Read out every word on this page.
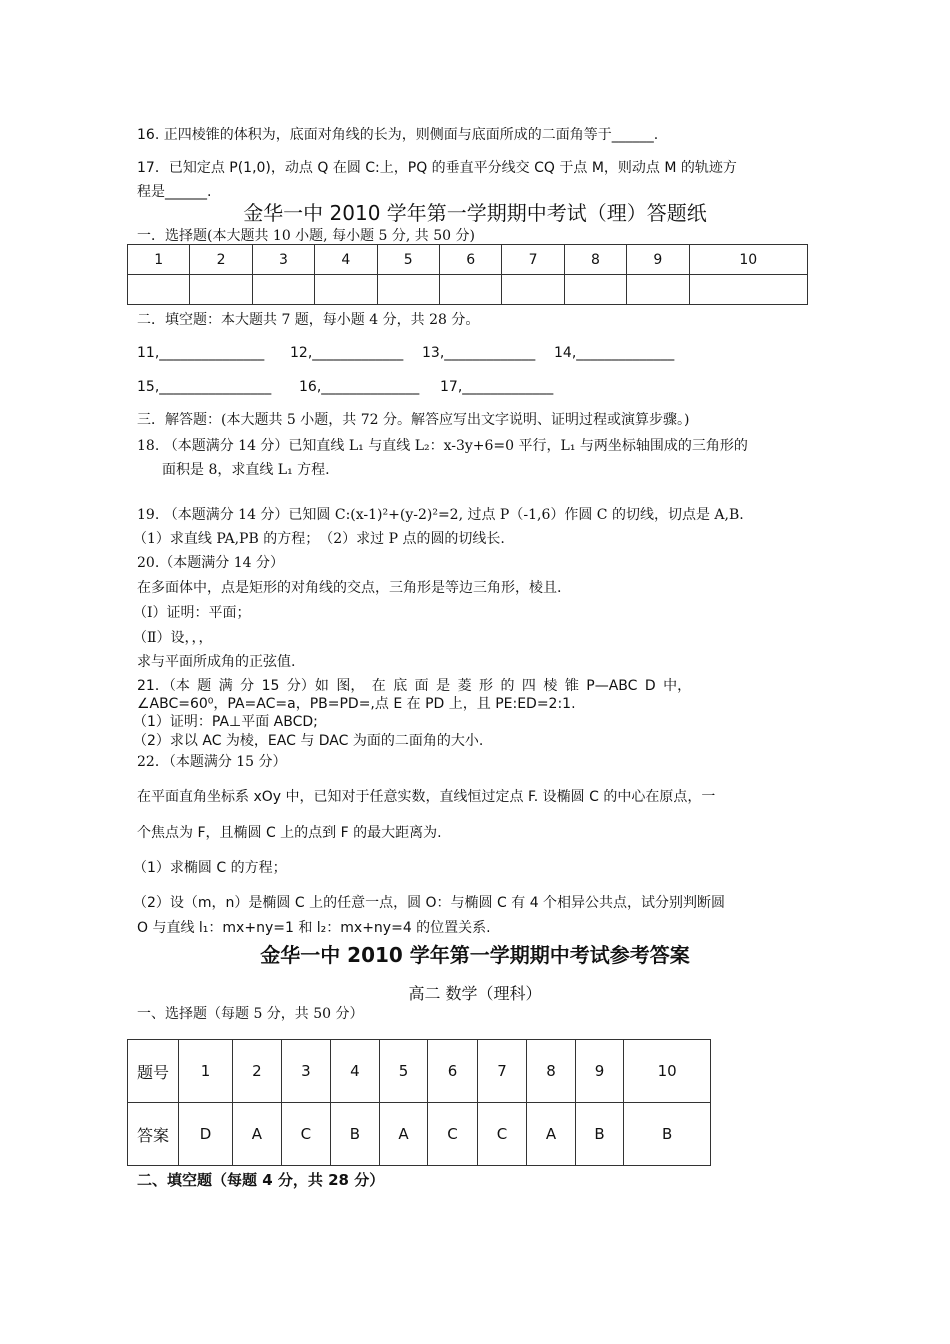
16. 正四棱锥的体积为，底面对角线的长为，则侧面与底面所成的二面角等于______.
17．已知定点 P(1,0)，动点 Q 在圆 C:上，PQ 的垂直平分线交 CQ 于点 M，则动点 M 的轨迹方
程是______.
金华一中 2010 学年第一学期期中考试（理）答题纸
一．选择题(本大题共 10 小题, 每小题 5 分, 共 50 分)
1	2	3	4	5	6	7	8	9	10

二．填空题：本大题共 7 题，每小题 4 分，共 28 分。
11,_______________ 12,_____________ 13,_____________ 14,______________
15,________________ 16,______________ 17,_____________
三．解答题：(本大题共 5 小题，共 72 分。解答应写出文字说明、证明过程或演算步骤。)
18. （本题满分 14 分）已知直线 L₁ 与直线 L₂：x-3y+6=0 平行，L₁ 与两坐标轴围成的三角形的
面积是 8，求直线 L₁ 方程.
19. （本题满分 14 分）已知圆 C:(x-1)²+(y-2)²=2, 过点 P（-1,6）作圆 C 的切线，切点是 A,B.
（1）求直线 PA,PB 的方程；　（2）求过 P 点的圆的切线长.
20.（本题满分 14 分）
在多面体中，点是矩形的对角线的交点，三角形是等边三角形，棱且.
（Ⅰ）证明：平面；
（Ⅱ）设，，，
求与平面所成角的正弦值.
21．（本 题 满 分 15 分）如 图， 在 底 面 是 菱 形 的 四 棱 锥 P—ABC D 中，
∠ABC=60⁰，PA=AC=a，PB=PD=,点 E 在 PD 上，且 PE:ED=2:1.
（1）证明：PA⊥平面 ABCD;
（2）求以 AC 为棱，EAC 与 DAC 为面的二面角的大小.
22．（本题满分 15 分）
在平面直角坐标系 xOy 中，已知对于任意实数，直线恒过定点 F. 设椭圆 C 的中心在原点，一
个焦点为 F，且椭圆 C 上的点到 F 的最大距离为.
（1）求椭圆 C 的方程；
（2）设（m，n）是椭圆 C 上的任意一点，圆 O：与椭圆 C 有 4 个相异公共点，试分别判断圆
O 与直线 l₁：mx+ny=1 和 l₂：mx+ny=4 的位置关系.
金华一中 2010 学年第一学期期中考试参考答案
高二 数学（理科）
一、选择题（每题 5 分，共 50 分）
题号	1	2	3	4	5	6	7	8	9	10
答案	D	A	C	B	A	C	C	A	B	B
二、填空题（每题 4 分，共 28 分）
